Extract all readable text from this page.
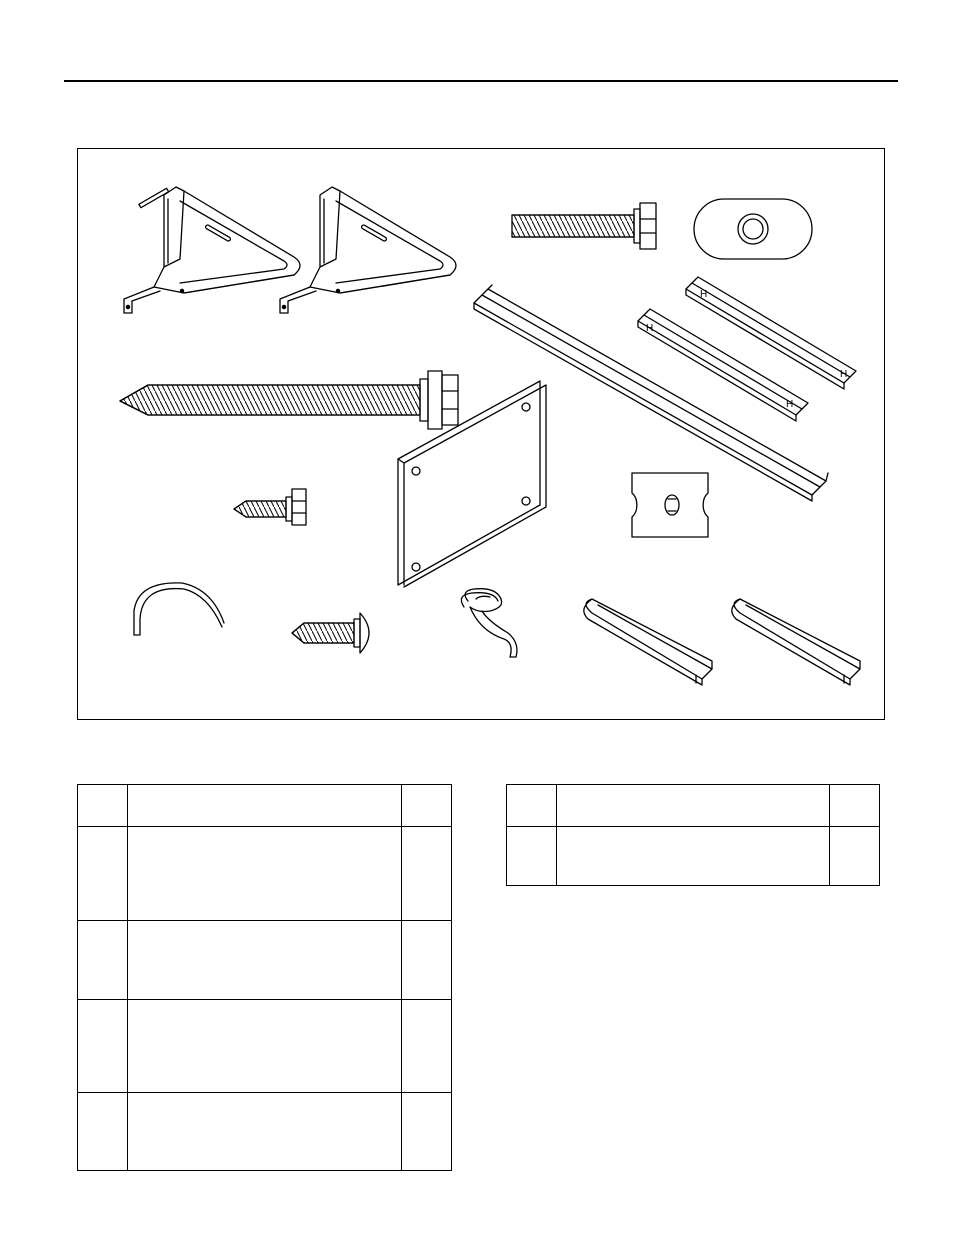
H
H
H
H
